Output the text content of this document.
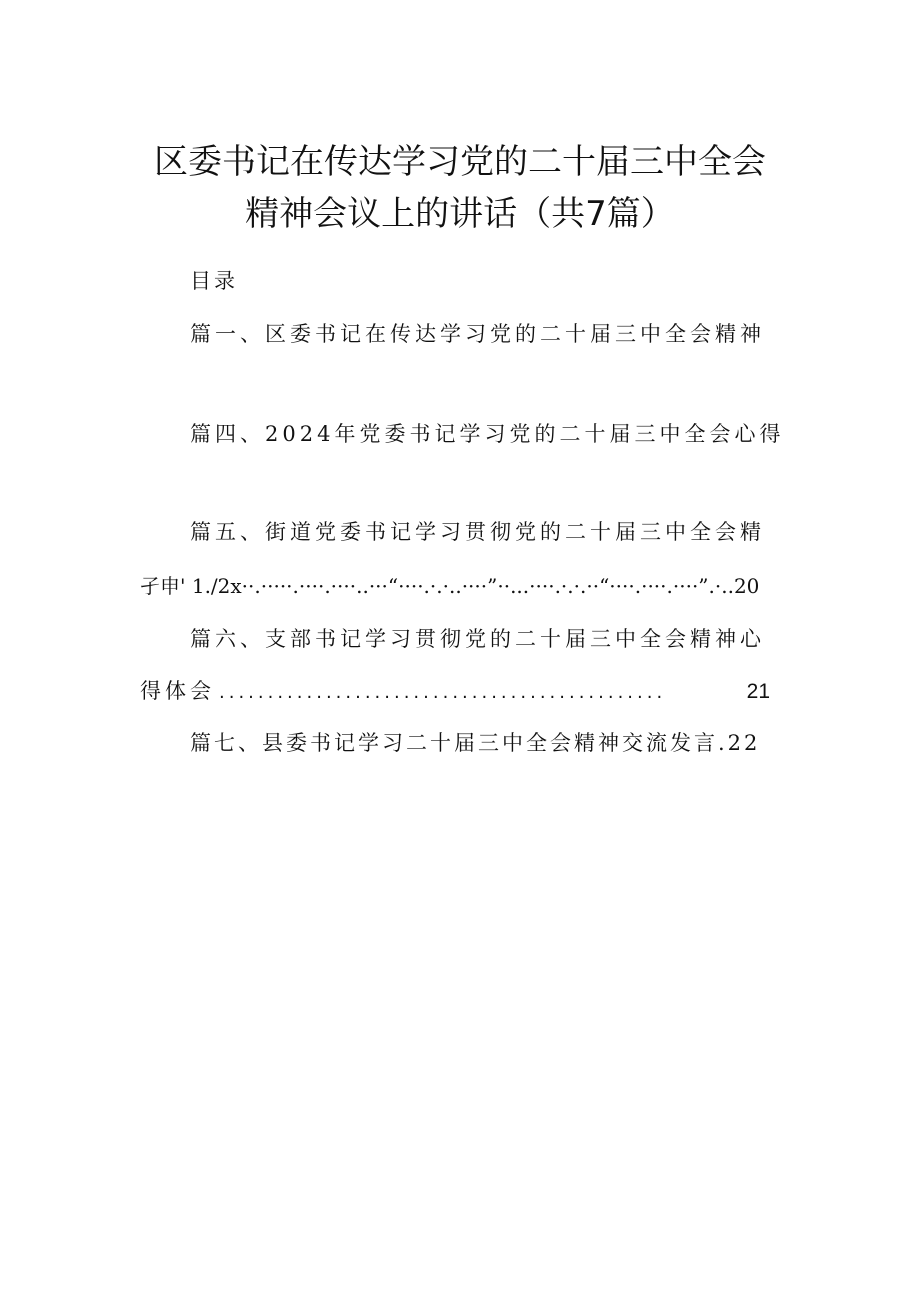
区委书记在传达学习党的二十届三中全会
精神会议上的讲话（共7篇）
目录
篇一、区委书记在传达学习党的二十届三中全会精神
篇四、2024年党委书记学习党的二十届三中全会心得
篇五、街道党委书记学习贯彻党的二十届三中全会精
孑申' 1./2x··.·····.····.····..···“····.·.·..····”··...····.·.·.··“····.····.····”.·..20
篇六、支部书记学习贯彻党的二十届三中全会精神心
得体会 ..............................................	21
篇七、县委书记学习二十届三中全会精神交流发言.22
